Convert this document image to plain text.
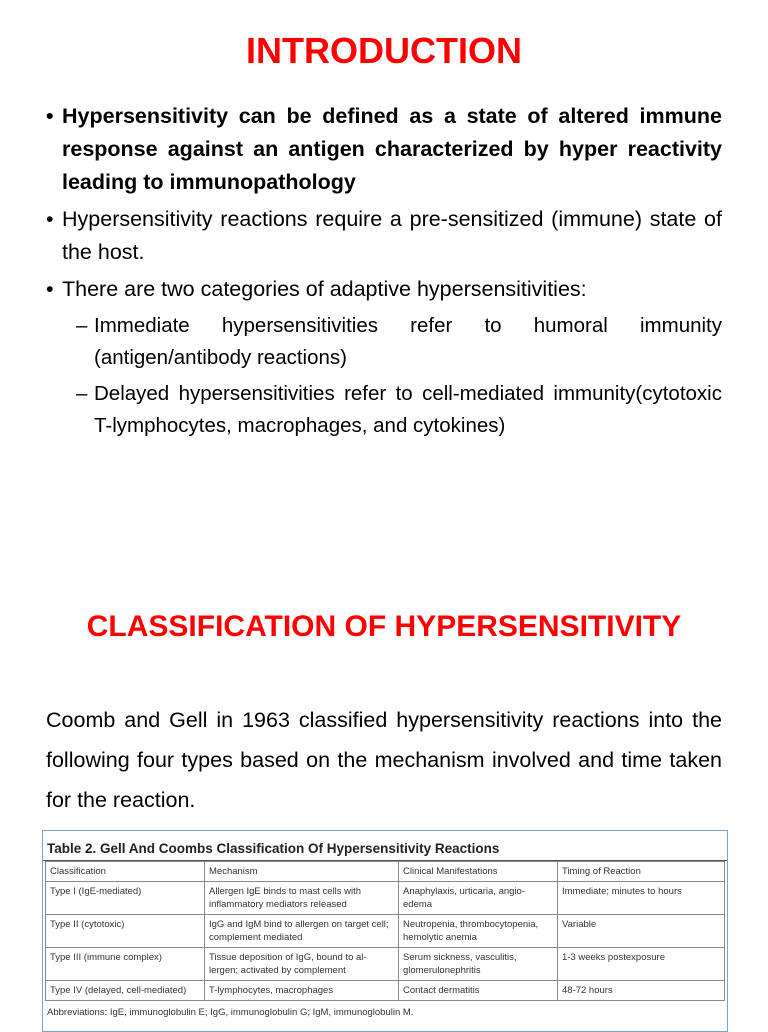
INTRODUCTION

• Hypersensitivity can be defined as a state of altered immune response against an antigen characterized by hyper reactivity leading to immunopathology

• Hypersensitivity reactions require a pre-sensitized (immune) state of the host.

• There are two categories of adaptive hypersensitivities:

– Immediate hypersensitivities refer to humoral immunity (antigen/antibody reactions)

– Delayed hypersensitivities refer to cell-mediated immunity(cytotoxic T-lymphocytes, macrophages, and cytokines)

CLASSIFICATION OF HYPERSENSITIVITY

Coomb and Gell in 1963 classified hypersensitivity reactions into the following four types based on the mechanism involved and time taken for the reaction.

Table 2. Gell And Coombs Classification Of Hypersensitivity Reactions
Classification	Mechanism	Clinical Manifestations	Timing of Reaction
Type I (IgE-mediated)	Allergen IgE binds to mast cells with inflammatory mediators released	Anaphylaxis, urticaria, angio-edema	Immediate; minutes to hours
Type II (cytotoxic)	IgG and IgM bind to allergen on target cell; complement mediated	Neutropenia, thrombocytopenia, hemolytic anemia	Variable
Type III (immune complex)	Tissue deposition of IgG, bound to al-lergen; activated by complement	Serum sickness, vasculitis, glomerulonephritis	1-3 weeks postexposure
Type IV (delayed, cell-mediated)	T-lymphocytes, macrophages	Contact dermatitis	48-72 hours
Abbreviations: IgE, immunoglobulin E; IgG, immunoglobulin G; IgM, immunoglobulin M.
